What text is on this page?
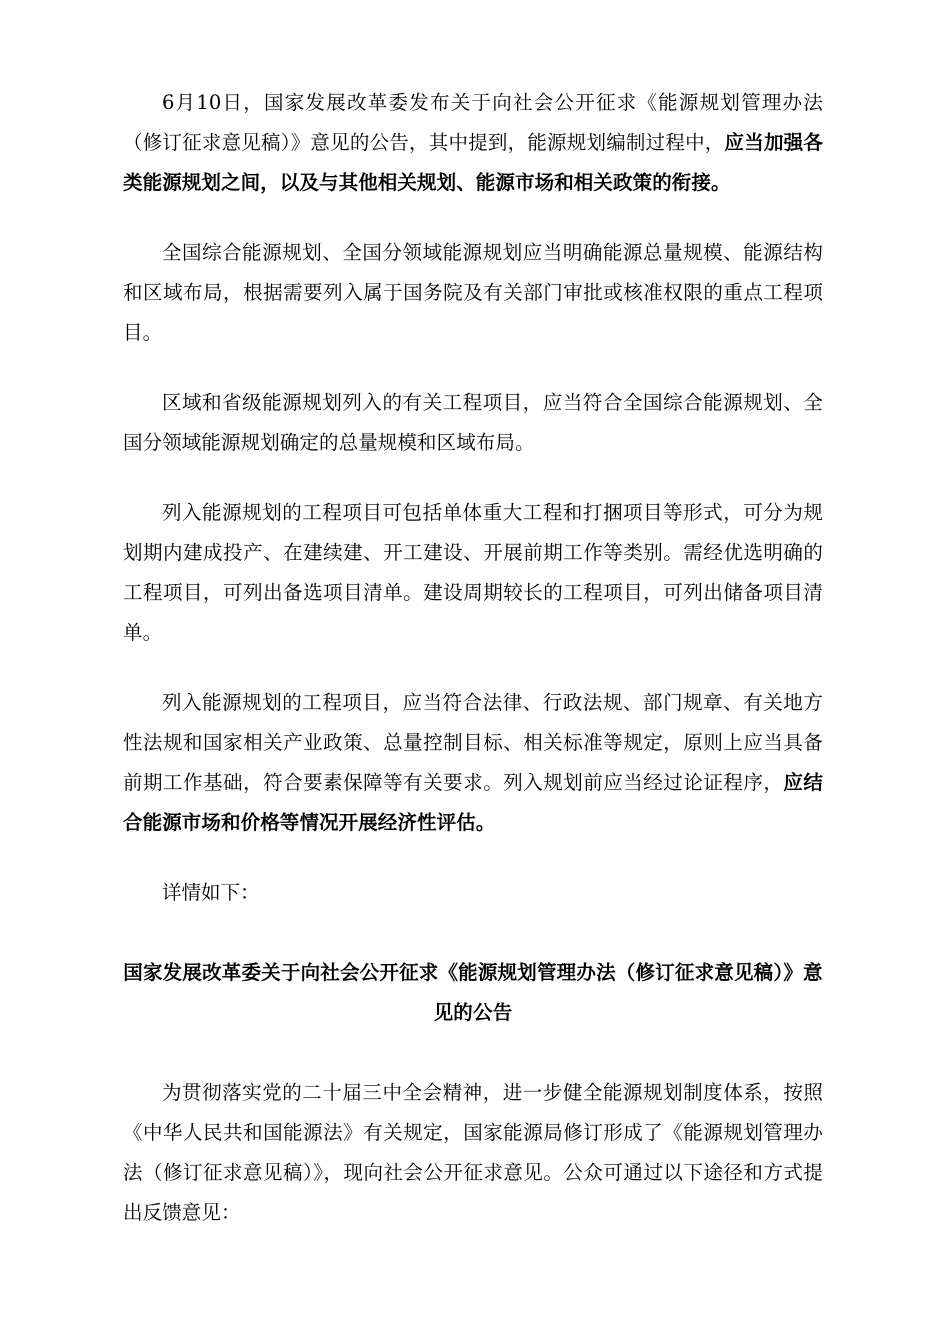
6月10日，国家发展改革委发布关于向社会公开征求《能源规划管理办法（修订征求意见稿）》意见的公告，其中提到，能源规划编制过程中，应当加强各类能源规划之间，以及与其他相关规划、能源市场和相关政策的衔接。

全国综合能源规划、全国分领域能源规划应当明确能源总量规模、能源结构和区域布局，根据需要列入属于国务院及有关部门审批或核准权限的重点工程项目。

区域和省级能源规划列入的有关工程项目，应当符合全国综合能源规划、全国分领域能源规划确定的总量规模和区域布局。

列入能源规划的工程项目可包括单体重大工程和打捆项目等形式，可分为规划期内建成投产、在建续建、开工建设、开展前期工作等类别。需经优选明确的工程项目，可列出备选项目清单。建设周期较长的工程项目，可列出储备项目清单。

列入能源规划的工程项目，应当符合法律、行政法规、部门规章、有关地方性法规和国家相关产业政策、总量控制目标、相关标准等规定，原则上应当具备前期工作基础，符合要素保障等有关要求。列入规划前应当经过论证程序，应结合能源市场和价格等情况开展经济性评估。

详情如下：

国家发展改革委关于向社会公开征求《能源规划管理办法（修订征求意见稿）》意见的公告

为贯彻落实党的二十届三中全会精神，进一步健全能源规划制度体系，按照《中华人民共和国能源法》有关规定，国家能源局修订形成了《能源规划管理办法（修订征求意见稿）》，现向社会公开征求意见。公众可通过以下途径和方式提出反馈意见：
